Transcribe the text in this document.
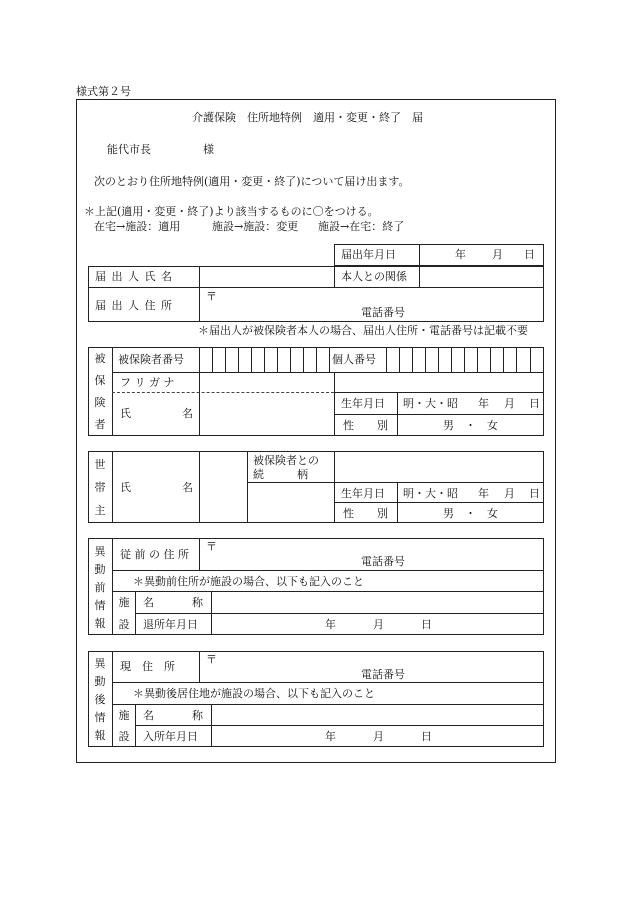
様式第２号
介護保険　住所地特例　適用・変更・終了　届
能代市長	様
次のとおり住所地特例(適用・変更・終了)について届け出ます。
＊上記(適用・変更・終了)より該当するものに〇をつける。
在宅→施設：適用	施設→施設：変更 施設→在宅：終了
届出年月日	年 月 日
届 出 人 氏 名	本人との関係
届 出 人 住 所
〒
電話番号
＊届出人が被保険者本人の場合、届出人住所・電話番号は記載不要
被
保
険
者
被保険者番号	個人番号
フ リ ガ ナ
氏	名
生年月日 明・大・昭 年 月 日
性 別	男　・　女
世
帯
主
氏	名
被保険者との
続　　　柄
生年月日 明・大・昭 年 月 日
性 別	男　・　女
異
動
前
情
報
従 前 の 住 所
〒
電話番号
＊異動前住所が施設の場合、以下も記入のこと
施
設
名	称
退所年月日	年	月	日
異
動
後
情
報
現　住　所
〒
電話番号
＊異動後居住地が施設の場合、以下も記入のこと
施
設
名	称
入所年月日	年	月	日
